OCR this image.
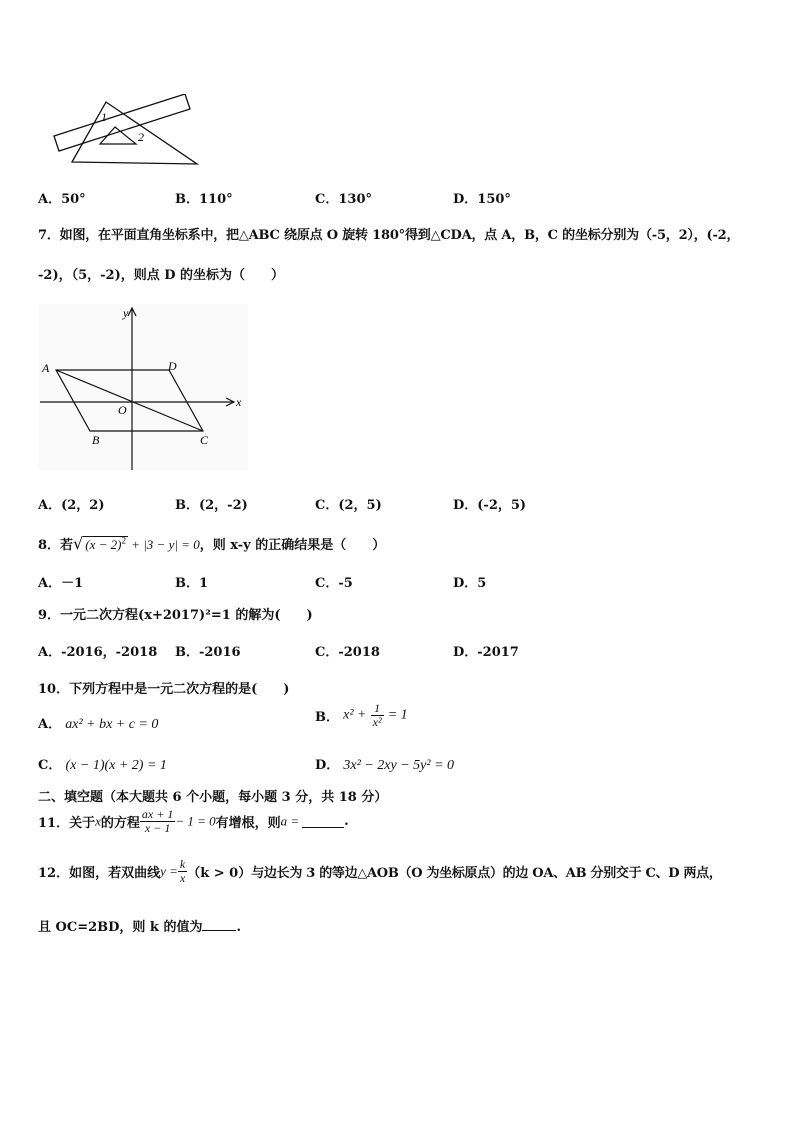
1
2
A．50°	B．110°	C．130°	D．150°
7．如图，在平面直角坐标系中，把△ABC 绕原点 O 旋转 180°得到△CDA，点 A，B，C 的坐标分别为（-5，2），(-2，
-2)，（5，-2)，则点 D 的坐标为（　　）
y
x
A	D
O
B	C
A．(2，2)	B．(2，-2)	C．(2，5)	D．(-2，5)
8．若√ $(x - 2)^2 + |3 - y| = 0$，则 x-y 的正确结果是（　　）
A．－1	B．1	C．-5	D．5
9．一元二次方程(x+2017)²=1 的解为(　　)
A．-2016，-2018 B．-2016	C．-2018	D．-2017
10．下列方程中是一元二次方程的是(　　)
A． ax² + bx + c = 0	B． $x^2 + \frac{1}{\text{x²}} = 1$
C． (x − 1)(x + 2) = 1	D． 3x² − 2xy − 5y² = 0
二、填空题（本大题共 6 个小题，每小题 3 分，共 18 分）
11．关于x的方程 $\frac{ax + 1}{x - 1} - 1 = 0$有增根，则a =	.
12．如图，若双曲线$y = \frac{k}{x} (k > 0)$与边长为 3 的等边△AOB（O 为坐标原点）的边 OA、AB 分别交于 C、D 两点，
且 OC=2BD，则 k 的值为	.
